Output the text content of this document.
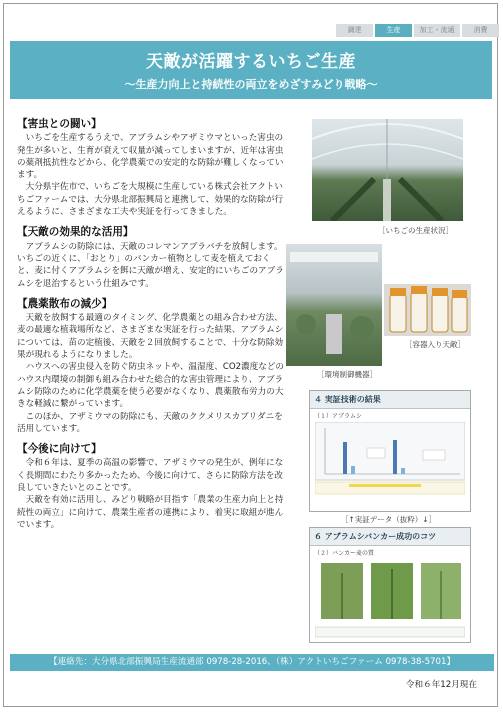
調達	生産	加工・流通	消費
天敵が活躍するいちご生産
〜生産力向上と持続性の両立をめざすみどり戦略〜
【害虫との闘い】

いちごを生産するうえで、アブラムシやアザミウマといった害虫の発生が多いと、生育が衰えて収量が減ってしまいますが、近年は害虫の薬剤抵抗性などから、化学農薬での安定的な防除が難しくなっています。

大分県宇佐市で、いちごを大規模に生産している株式会社アクトいちごファームでは、大分県北部振興局と連携して、効果的な防除が行えるように、さまざまな工夫や実証を行ってきました。

【天敵の効果的な活用】

アブラムシの防除には、天敵のコレマンアブラバチを放飼します。いちごの近くに、「おとり」のバンカー植物として麦を植えておくと、麦に付くアブラムシを餌に天敵が増え、安定的にいちごのアブラムシを退治するという仕組みです。

【農薬散布の減少】

天敵を放飼する最適のタイミング、化学農薬との組み合わせ方法、麦の最適な植栽場所など、さまざまな実証を行った結果、アブラムシについては、苗の定植後、天敵を２回放飼することで、十分な防除効果が現れるようになりました。

ハウスへの害虫侵入を防ぐ防虫ネットや、温湿度、CO2濃度などのハウス内環境の制御も組み合わせた総合的な害虫管理により、アブラムシ防除のために化学農薬を使う必要がなくなり、農薬散布労力の大きな軽減に繋がっています。

このほか、アザミウマの防除にも、天敵のククメリスカブリダニを活用しています。

【今後に向けて】

令和６年は、夏季の高温の影響で、アザミウマの発生が、例年になく長期間にわたり多かったため、今後に向けて、さらに防除方法を改良していきたいとのことです。

天敵を有効に活用し、みどり戦略が目指す「農業の生産力向上と持続性の両立」に向けて、農業生産者の連携により、着実に取組が進んでいます。

［いちごの生産状況］
［環境制御機器］
［容器入り天敵］
４ 実証技術の結果
（１）アブラムシ
［↑実証データ（抜粋）↓］
６ アブラムシバンカー成功のコツ
（２）バンカー麦の質
【連絡先：大分県北部振興局生産流通部 0978-28-2016、（株）アクトいちごファーム 0978-38-5701】
令和６年12月現在
